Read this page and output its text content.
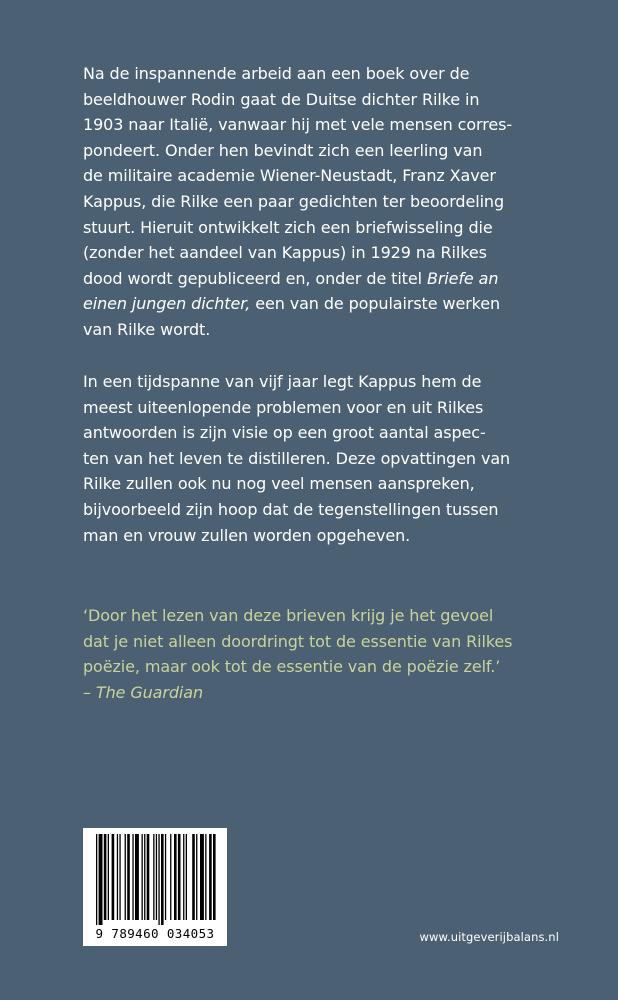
Na de inspannende arbeid aan een boek over de
beeldhouwer Rodin gaat de Duitse dichter Rilke in
1903 naar Italië, vanwaar hij met vele mensen corres-
pondeert. Onder hen bevindt zich een leerling van
de militaire academie Wiener-Neustadt, Franz Xaver
Kappus, die Rilke een paar gedichten ter beoordeling
stuurt. Hieruit ontwikkelt zich een briefwisseling die
(zonder het aandeel van Kappus) in 1929 na Rilkes
dood wordt gepubliceerd en, onder de titel Briefe an
einen jungen dichter, een van de populairste werken
van Rilke wordt.

In een tijdspanne van vijf jaar legt Kappus hem de
meest uiteenlopende problemen voor en uit Rilkes
antwoorden is zijn visie op een groot aantal aspec-
ten van het leven te distilleren. Deze opvattingen van
Rilke zullen ook nu nog veel mensen aanspreken,
bijvoorbeeld zijn hoop dat de tegenstellingen tussen
man en vrouw zullen worden opgeheven.

‘Door het lezen van deze brieven krijg je het gevoel
dat je niet alleen doordringt tot de essentie van Rilkes
poëzie, maar ook tot de essentie van de poëzie zelf.’
– The Guardian

9 789460 034053	www.uitgeverijbalans.nl
